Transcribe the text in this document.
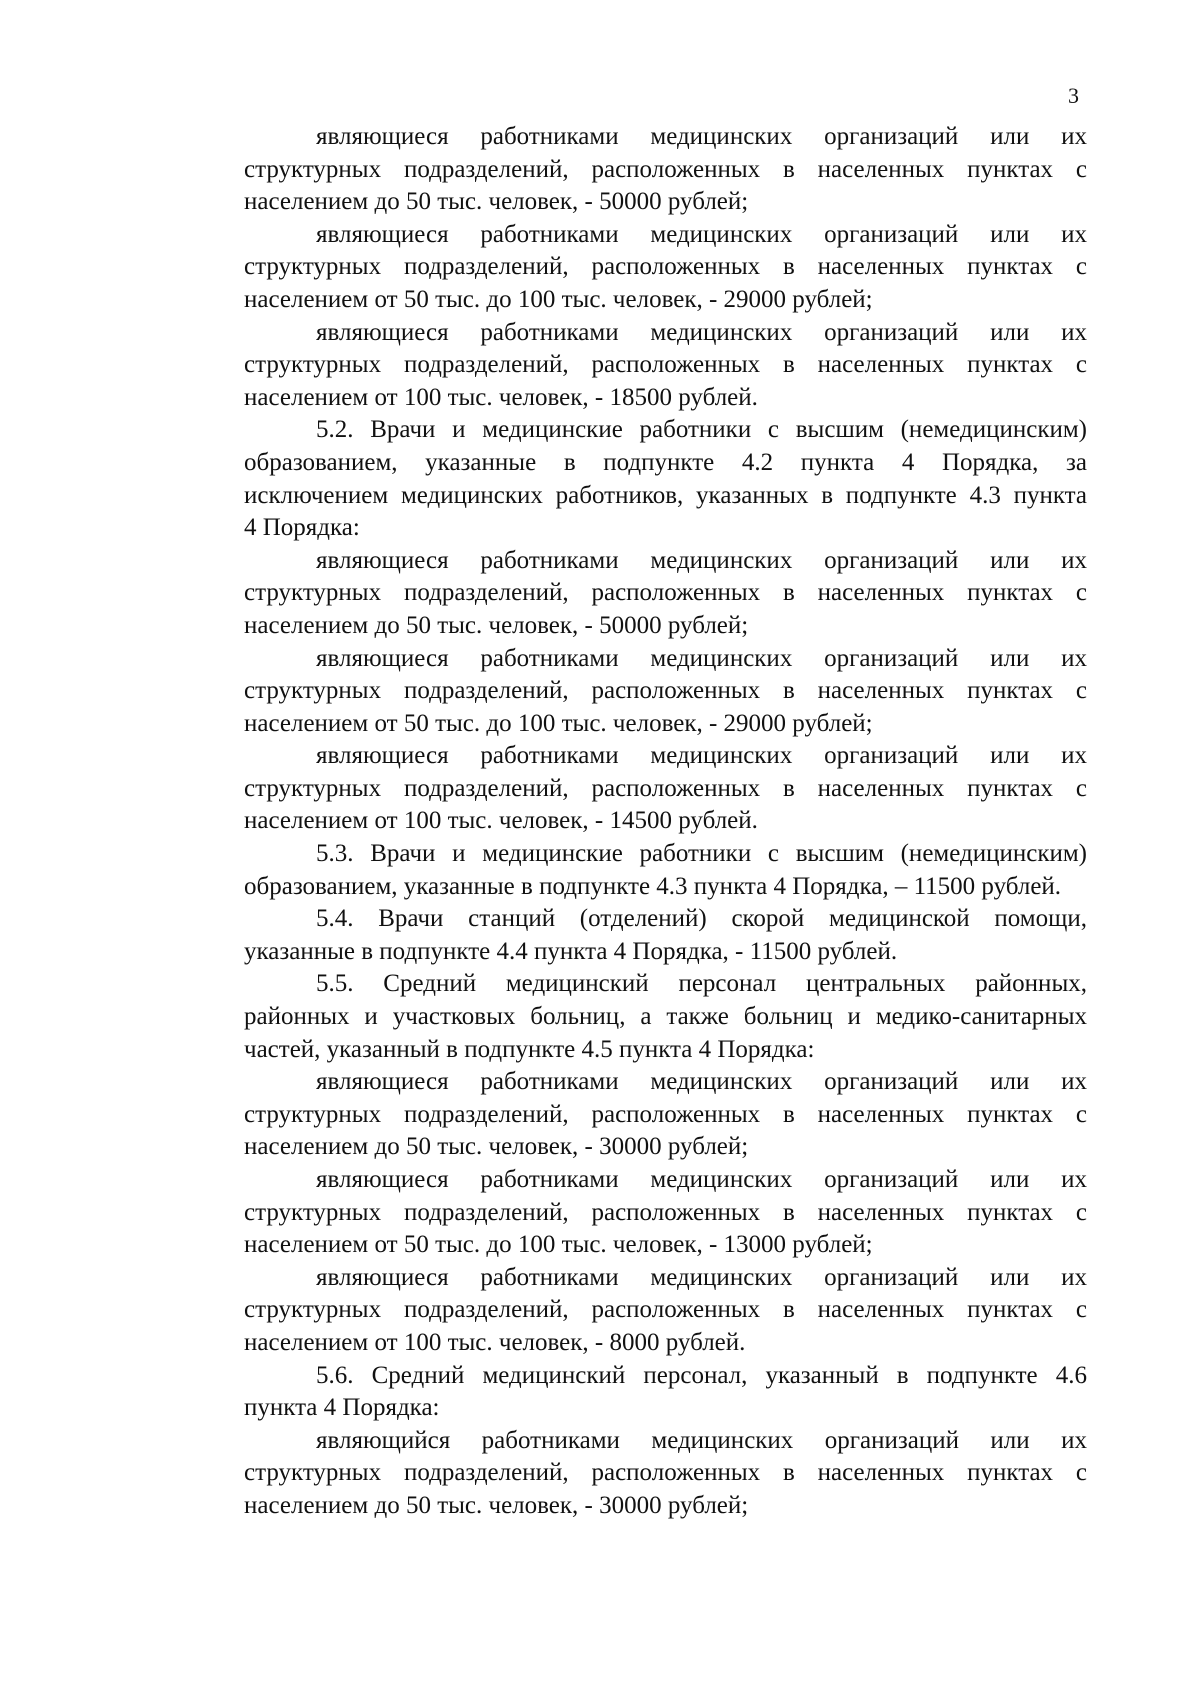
3
являющиеся работниками медицинских организаций или их
структурных подразделений, расположенных в населенных пунктах с
населением до 50 тыс. человек, - 50000 рублей;
являющиеся работниками медицинских организаций или их
структурных подразделений, расположенных в населенных пунктах с
населением от 50 тыс. до 100 тыс. человек, - 29000 рублей;
являющиеся работниками медицинских организаций или их
структурных подразделений, расположенных в населенных пунктах с
населением от 100 тыс. человек, - 18500 рублей.
5.2. Врачи и медицинские работники с высшим (немедицинским)
образованием, указанные в подпункте 4.2 пункта 4 Порядка, за
исключением медицинских работников, указанных в подпункте 4.3 пункта
4 Порядка:
являющиеся работниками медицинских организаций или их
структурных подразделений, расположенных в населенных пунктах с
населением до 50 тыс. человек, - 50000 рублей;
являющиеся работниками медицинских организаций или их
структурных подразделений, расположенных в населенных пунктах с
населением от 50 тыс. до 100 тыс. человек, - 29000 рублей;
являющиеся работниками медицинских организаций или их
структурных подразделений, расположенных в населенных пунктах с
населением от 100 тыс. человек, - 14500 рублей.
5.3. Врачи и медицинские работники с высшим (немедицинским)
образованием, указанные в подпункте 4.3 пункта 4 Порядка, – 11500 рублей.
5.4. Врачи станций (отделений) скорой медицинской помощи,
указанные в подпункте 4.4 пункта 4 Порядка, - 11500 рублей.
5.5. Средний медицинский персонал центральных районных,
районных и участковых больниц, а также больниц и медико-санитарных
частей, указанный в подпункте 4.5 пункта 4 Порядка:
являющиеся работниками медицинских организаций или их
структурных подразделений, расположенных в населенных пунктах с
населением до 50 тыс. человек, - 30000 рублей;
являющиеся работниками медицинских организаций или их
структурных подразделений, расположенных в населенных пунктах с
населением от 50 тыс. до 100 тыс. человек, - 13000 рублей;
являющиеся работниками медицинских организаций или их
структурных подразделений, расположенных в населенных пунктах с
населением от 100 тыс. человек, - 8000 рублей.
5.6. Средний медицинский персонал, указанный в подпункте 4.6
пункта 4 Порядка:
являющийся работниками медицинских организаций или их
структурных подразделений, расположенных в населенных пунктах с
населением до 50 тыс. человек, - 30000 рублей;
